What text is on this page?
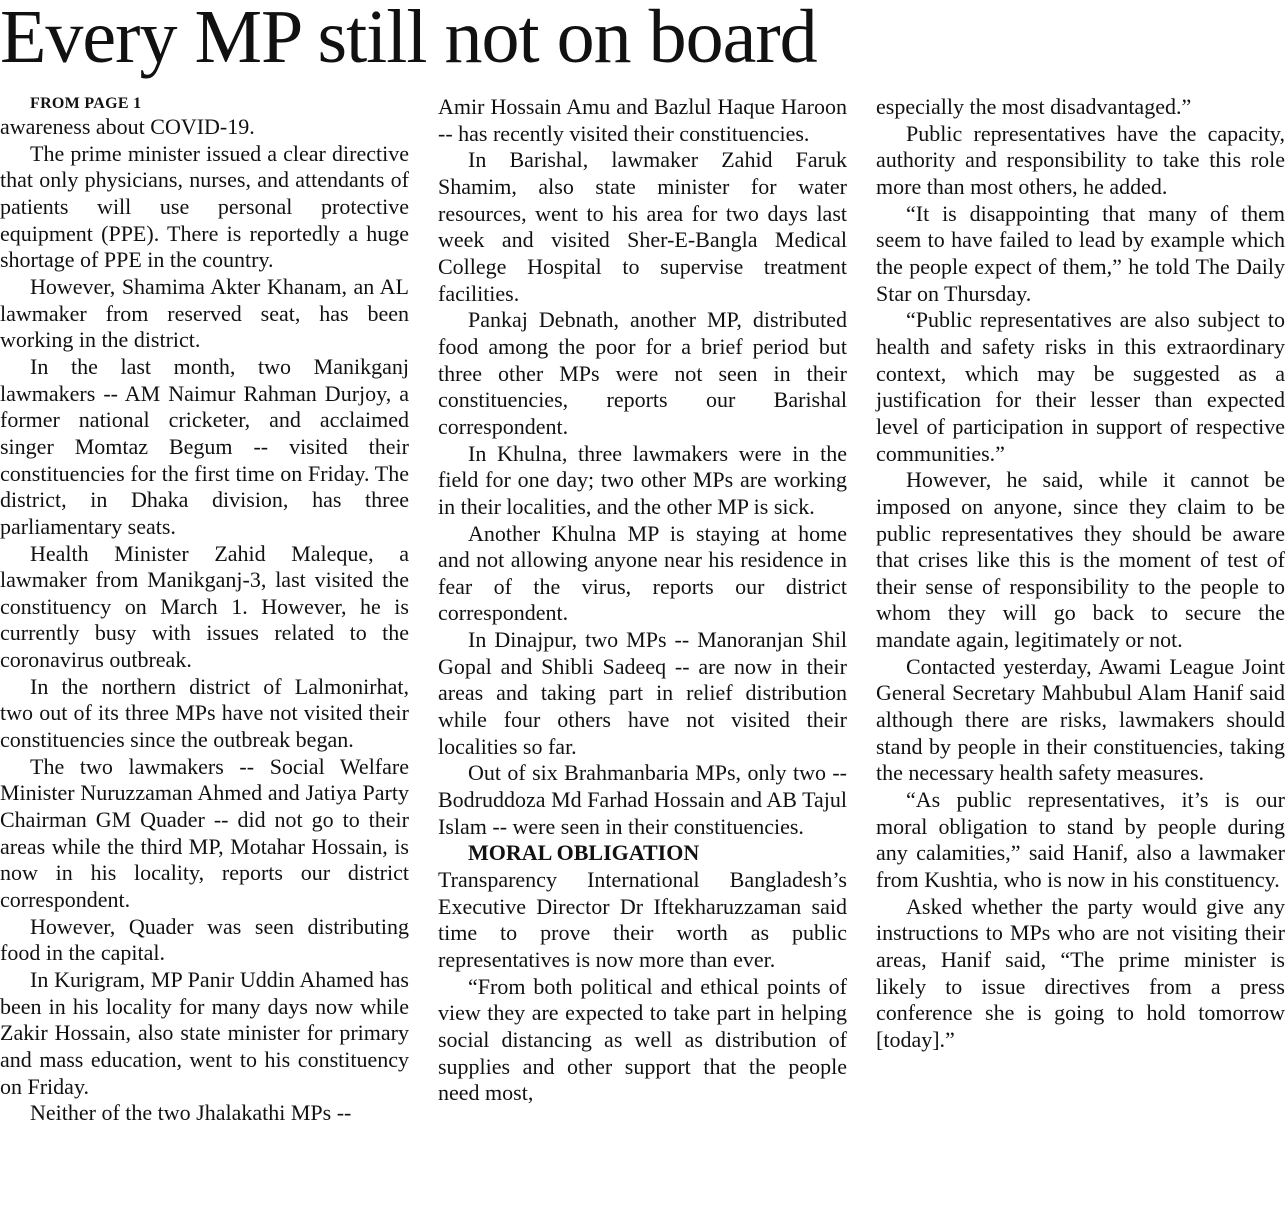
Every MP still not on board

FROM PAGE 1

awareness about COVID-19.

The prime minister issued a clear directive that only physicians, nurses, and attendants of patients will use personal protective equipment (PPE). There is reportedly a huge shortage of PPE in the country.

However, Shamima Akter Khanam, an AL lawmaker from reserved seat, has been working in the district.

In the last month, two Manikganj lawmakers -- AM Naimur Rahman Durjoy, a former national cricketer, and acclaimed singer Momtaz Begum -- visited their constituencies for the first time on Friday. The district, in Dhaka division, has three parliamentary seats.

Health Minister Zahid Maleque, a lawmaker from Manikganj-3, last visited the constituency on March 1. However, he is currently busy with issues related to the coronavirus outbreak.

In the northern district of Lalmonirhat, two out of its three MPs have not visited their constituencies since the outbreak began.

The two lawmakers -- Social Welfare Minister Nuruzzaman Ahmed and Jatiya Party Chairman GM Quader -- did not go to their areas while the third MP, Motahar Hossain, is now in his locality, reports our district correspondent.

However, Quader was seen distributing food in the capital.

In Kurigram, MP Panir Uddin Ahamed has been in his locality for many days now while Zakir Hossain, also state minister for primary and mass education, went to his constituency on Friday.

Neither of the two Jhalakathi MPs --

Amir Hossain Amu and Bazlul Haque Haroon -- has recently visited their constituencies.

In Barishal, lawmaker Zahid Faruk Shamim, also state minister for water resources, went to his area for two days last week and visited Sher-E-Bangla Medical College Hospital to supervise treatment facilities.

Pankaj Debnath, another MP, distributed food among the poor for a brief period but three other MPs were not seen in their constituencies, reports our Barishal correspondent.

In Khulna, three lawmakers were in the field for one day; two other MPs are working in their localities, and the other MP is sick.

Another Khulna MP is staying at home and not allowing anyone near his residence in fear of the virus, reports our district correspondent.

In Dinajpur, two MPs -- Manoranjan Shil Gopal and Shibli Sadeeq -- are now in their areas and taking part in relief distribution while four others have not visited their localities so far.

Out of six Brahmanbaria MPs, only two -- Bodruddoza Md Farhad Hossain and AB Tajul Islam -- were seen in their constituencies.

MORAL OBLIGATION

Transparency International Bangladesh’s Executive Director Dr Iftekharuzzaman said time to prove their worth as public representatives is now more than ever.

“From both political and ethical points of view they are expected to take part in helping social distancing as well as distribution of supplies and other support that the people need most,

especially the most disadvantaged.”

Public representatives have the capacity, authority and responsibility to take this role more than most others, he added.

“It is disappointing that many of them seem to have failed to lead by example which the people expect of them,” he told The Daily Star on Thursday.

“Public representatives are also subject to health and safety risks in this extraordinary context, which may be suggested as a justification for their lesser than expected level of participation in support of respective communities.”

However, he said, while it cannot be imposed on anyone, since they claim to be public representatives they should be aware that crises like this is the moment of test of their sense of responsibility to the people to whom they will go back to secure the mandate again, legitimately or not.

Contacted yesterday, Awami League Joint General Secretary Mahbubul Alam Hanif said although there are risks, lawmakers should stand by people in their constituencies, taking the necessary health safety measures.

“As public representatives, it’s is our moral obligation to stand by people during any calamities,” said Hanif, also a lawmaker from Kushtia, who is now in his constituency.

Asked whether the party would give any instructions to MPs who are not visiting their areas, Hanif said, “The prime minister is likely to issue directives from a press conference she is going to hold tomorrow [today].”
